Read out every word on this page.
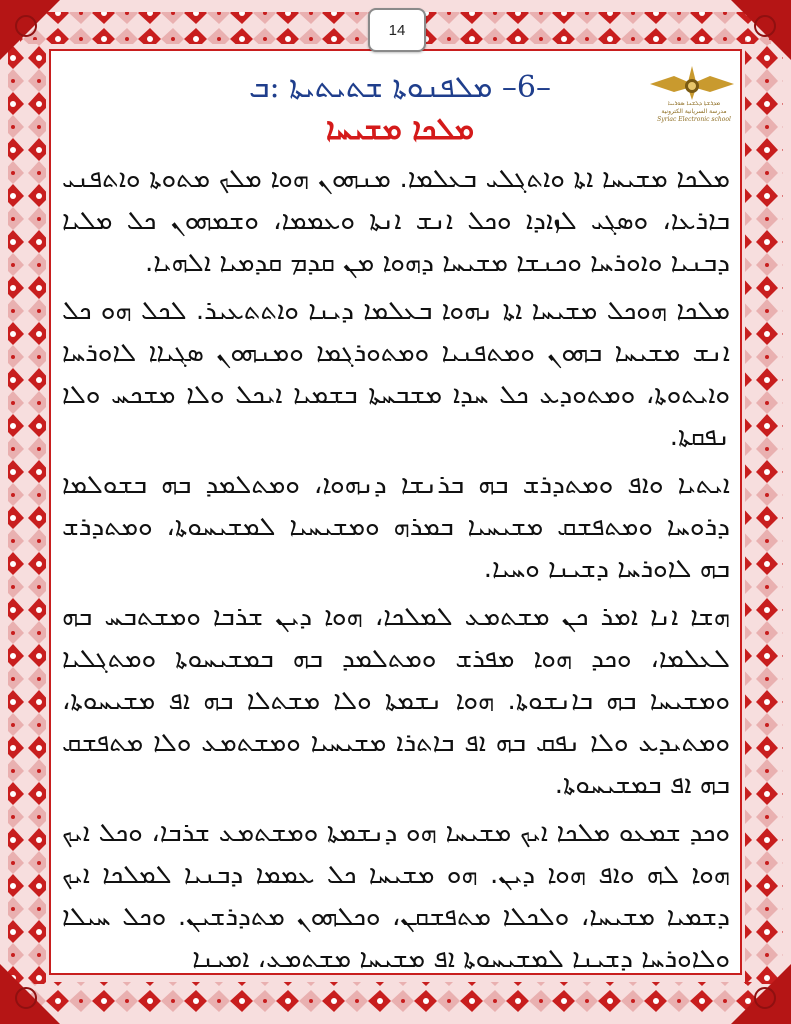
14
ܡܕܪܫܬܐ ܕܠܫܢܐ ܣܘܪܝܝܐ
مدرسة السريانية الكترونية
Syriac Electronic school
–6– ܡܠܦܢܘܬܐ ܫܬܝܬܝܬܐ :ܒ
ܡܠܟܐ ܡܫܝܚܐ

ܡܠܟܐ ܡܫܝܚܐ ܐܬܐ ܘܐܬܓܠܝ ܒܥܠܡܐ. ܡܢܗܘܢ ܗܘܐ ܡܠܟ ܡܬܘܬܐ ܘܐܬܦܢܝ ܒܐܪܥܐ، ܘܣܓܝ ܠܙܐܕܐ ܘܟܠ ܐܢܫ ܐܢܬܐ ܘܥܡܡܐ، ܘܫܡܗܘܢ ܟܠ ܡܠܝܐ ܕܒܢܝܐ ܘܐܘܪܚܐ ܘܟܢܫܐ ܡܫܝܚܐ ܕܗܘܐ ܡܢ ܩܕܡ ܩܕܡܝܐ ܐܠܗܝܐ.

ܡܠܟܐ ܗܘܟܠ ܡܫܝܚܐ ܐܬܐ ܢܗܘܐ ܒܥܠܡܐ ܕܝܢܐ ܘܐܬܬܥܝܪ. ܠܟܠ ܗܘ ܟܠ ܐܢܫ ܡܫܝܚܐ ܒܗܘܢ ܘܡܬܦܢܝܐ ܘܡܬܘܪܓܡܐ ܘܡܢܗܘܢ ܣܓܝܐܐ ܠܐܘܪܚܐ ܘܐܝܬܘܬܐ، ܘܡܬܘܕܥ ܟܠ ܚܕܐ ܡܫܒܚܬܐ ܒܫܡܝܐ ܐܝܟܠ ܘܠܐ ܡܫܟܚ ܘܠܐ ܢܦܩܬܐ.

ܐܝܬܝܐ ܘܐܦ ܘܡܬܕܪܫ ܒܗ ܒܪܢܫܐ ܕܢܗܘܐ، ܘܡܬܠܡܕ ܒܗ ܒܫܘܠܡܐ ܕܪܘܚܐ ܘܡܬܦܫܩ ܡܫܝܚܝܐ ܒܡܪܗ ܘܡܫܝܚܝܐ ܠܡܫܝܚܘܬܐ، ܘܡܬܕܪܫ ܒܗ ܠܐܘܪܚܐ ܕܫܝܢܐ ܘܚܝܐ.

ܗܫܐ ܐܢܐ ܐܡܪ ܟܢ ܡܫܬܡܥ ܠܡܠܟܐ، ܗܘܐ ܕܝܢ ܫܪܒܐ ܘܡܫܬܒܚ ܒܗ ܠܥܠܡܐ، ܘܟܕ ܗܘܐ ܡܦܪܫ ܘܡܬܠܡܕ ܒܗ ܒܡܫܝܚܘܬܐ ܘܡܬܓܠܝܐ ܘܡܫܝܚܐ ܒܗ ܒܐܢܫܘܬܐ. ܗܘܐ ܢܫܡܬܐ ܘܠܐ ܡܫܬܠܐ ܒܗ ܐܦ ܡܫܝܚܘܬܐ، ܘܡܬܝܕܥ ܘܠܐ ܢܦܩ ܒܗ ܐܦ ܒܐܬܪܐ ܡܫܝܚܝܐ ܘܡܫܬܡܥ ܘܠܐ ܡܬܦܫܩ ܒܗ ܐܦ ܒܡܫܝܚܘܬܐ.

ܘܟܕ ܫܡܥܘ ܡܠܟܐ ܐܝܟ ܡܫܝܚܐ ܗܘ ܕܢܫܡܬܐ ܘܡܫܬܡܥ ܫܪܒܐ، ܘܟܠ ܐܝܟ ܗܘܐ ܠܗ ܘܐܦ ܗܘܐ ܕܝܢ. ܗܘ ܡܫܝܚܐ ܟܠ ܥܡܡܐ ܕܒܢܝܐ ܠܡܠܟܐ ܐܝܟ ܕܫܡܝܐ ܡܫܝܚܐ، ܘܠܟܠܐ ܡܬܦܫܩܢ، ܘܟܠܗܘܢ ܡܬܕܪܫܝܢ. ܘܟܠ ܚܝܠܐ ܘܠܐܘܪܚܐ ܕܫܝܢܐ ܠܡܫܝܚܘܬܐ ܐܦ ܡܫܝܚܐ ܡܫܬܡܥ، ܐܡܝܢܐ
